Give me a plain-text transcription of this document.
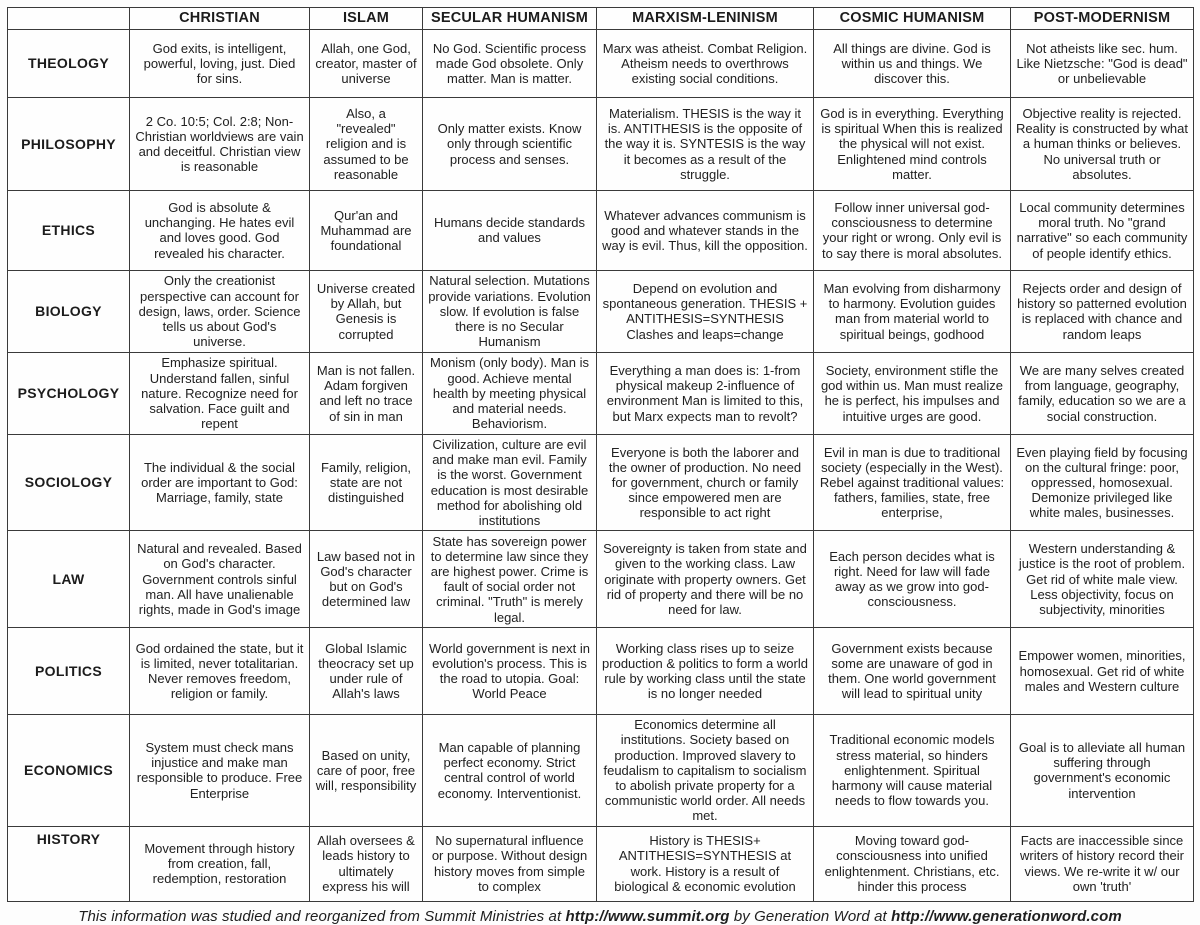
	CHRISTIAN	ISLAM	SECULAR HUMANISM	MARXISM-LENINISM	COSMIC HUMANISM	POST-MODERNISM
THEOLOGY	God exits, is intelligent, powerful, loving, just. Died for sins.	Allah, one God, creator, master of universe	No God. Scientific process made God obsolete. Only matter. Man is matter.	Marx was atheist. Combat Religion. Atheism needs to overthrows existing social conditions.	All things are divine. God is within us and things. We discover this.	Not atheists like sec. hum. Like Nietzsche: "God is dead" or unbelievable
PHILOSOPHY	2 Co. 10:5; Col. 2:8; Non-Christian worldviews are vain and deceitful. Christian view is reasonable	Also, a "revealed" religion and is assumed to be reasonable	Only matter exists. Know only through scientific process and senses.	Materialism. THESIS is the way it is. ANTITHESIS is the opposite of the way it is. SYNTESIS is the way it becomes as a result of the struggle.	God is in everything. Everything is spiritual When this is realized the physical will not exist. Enlightened mind controls matter.	Objective reality is rejected. Reality is constructed by what a human thinks or believes. No universal truth or absolutes.
ETHICS	God is absolute & unchanging. He hates evil and loves good. God revealed his character.	Qur'an and Muhammad are foundational	Humans decide standards and values	Whatever advances communism is good and whatever stands in the way is evil. Thus, kill the opposition.	Follow inner universal god-consciousness to determine your right or wrong. Only evil is to say there is moral absolutes.	Local community determines moral truth. No "grand narrative" so each community of people identify ethics.
BIOLOGY	Only the creationist perspective can account for design, laws, order. Science tells us about God's universe.	Universe created by Allah, but Genesis is corrupted	Natural selection. Mutations provide variations. Evolution slow. If evolution is false there is no Secular Humanism	Depend on evolution and spontaneous generation. THESIS + ANTITHESIS=SYNTHESIS Clashes and leaps=change	Man evolving from disharmony to harmony. Evolution guides man from material world to spiritual beings, godhood	Rejects order and design of history so patterned evolution is replaced with chance and random leaps
PSYCHOLOGY	Emphasize spiritual. Understand fallen, sinful nature. Recognize need for salvation. Face guilt and repent	Man is not fallen. Adam forgiven and left no trace of sin in man	Monism (only body). Man is good. Achieve mental health by meeting physical and material needs. Behaviorism.	Everything a man does is: 1-from physical makeup 2-influence of environment Man is limited to this, but Marx expects man to revolt?	Society, environment stifle the god within us. Man must realize he is perfect, his impulses and intuitive urges are good.	We are many selves created from language, geography, family, education so we are a social construction.
SOCIOLOGY	The individual & the social order are important to God: Marriage, family, state	Family, religion, state are not distinguished	Civilization, culture are evil and make man evil. Family is the worst. Government education is most desirable method for abolishing old institutions	Everyone is both the laborer and the owner of production. No need for government, church or family since empowered men are responsible to act right	Evil in man is due to traditional society (especially in the West). Rebel against traditional values: fathers, families, state, free enterprise,	Even playing field by focusing on the cultural fringe: poor, oppressed, homosexual. Demonize privileged like white males, businesses.
LAW	Natural and revealed. Based on God's character. Government controls sinful man. All have unalienable rights, made in God's image	Law based not in God's character but on God's determined law	State has sovereign power to determine law since they are highest power. Crime is fault of social order not criminal. "Truth" is merely legal.	Sovereignty is taken from state and given to the working class. Law originate with property owners. Get rid of property and there will be no need for law.	Each person decides what is right. Need for law will fade away as we grow into god-consciousness.	Western understanding & justice is the root of problem. Get rid of white male view. Less objectivity, focus on subjectivity, minorities
POLITICS	God ordained the state, but it is limited, never totalitarian. Never removes freedom, religion or family.	Global Islamic theocracy set up under rule of Allah's laws	World government is next in evolution's process. This is the road to utopia. Goal: World Peace	Working class rises up to seize production & politics to form a world rule by working class until the state is no longer needed	Government exists because some are unaware of god in them. One world government will lead to spiritual unity	Empower women, minorities, homosexual. Get rid of white males and Western culture
ECONOMICS	System must check mans injustice and make man responsible to produce. Free Enterprise	Based on unity, care of poor, free will, responsibility	Man capable of planning perfect economy. Strict central control of world economy. Interventionist.	Economics determine all institutions. Society based on production. Improved slavery to feudalism to capitalism to socialism to abolish private property for a communistic world order. All needs met.	Traditional economic models stress material, so hinders enlightenment. Spiritual harmony will cause material needs to flow towards you.	Goal is to alleviate all human suffering through government's economic intervention
HISTORY	Movement through history from creation, fall, redemption, restoration	Allah oversees & leads history to ultimately express his will	No supernatural influence or purpose. Without design history moves from simple to complex	History is THESIS+ ANTITHESIS=SYNTHESIS at work. History is a result of biological & economic evolution	Moving toward god-consciousness into unified enlightenment. Christians, etc. hinder this process	Facts are inaccessible since writers of history record their views. We re-write it w/ our own 'truth'
This information was studied and reorganized from Summit Ministries at http://www.summit.org by Generation Word at http://www.generationword.com
